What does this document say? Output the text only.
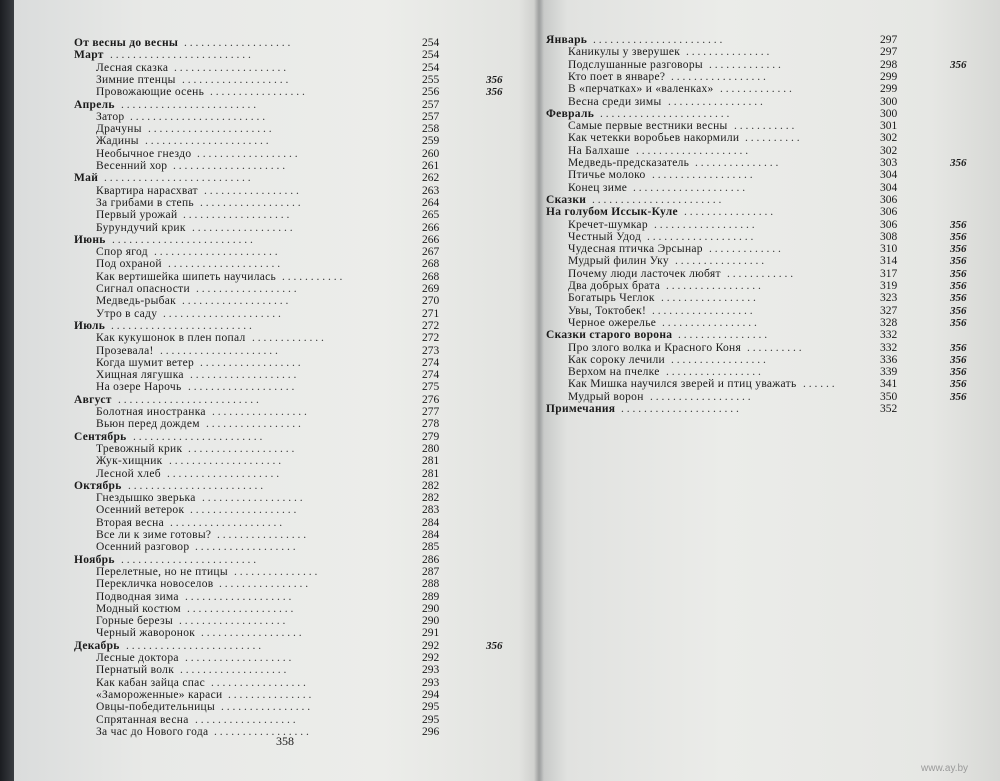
От весны до весны . . . . . . . . . . . . . . . . . . .	254
Март . . . . . . . . . . . . . . . . . . . . . . . . .	254
Лесная сказка . . . . . . . . . . . . . . . . . . . .	254
Зимние птенцы . . . . . . . . . . . . . . . . . . .	255	356
Провожающие осень . . . . . . . . . . . . . . . . .	256	356
Апрель . . . . . . . . . . . . . . . . . . . . . . . .	257
Затор . . . . . . . . . . . . . . . . . . . . . . . .	257
Драчуны . . . . . . . . . . . . . . . . . . . . . .	258
Жадины . . . . . . . . . . . . . . . . . . . . . .	259
Необычное гнездо . . . . . . . . . . . . . . . . . .	260
Весенний хор . . . . . . . . . . . . . . . . . . . .	261
Май . . . . . . . . . . . . . . . . . . . . . . . . . .	262
Квартира нарасхват . . . . . . . . . . . . . . . . .	263
За грибами в степь . . . . . . . . . . . . . . . . . .	264
Первый урожай . . . . . . . . . . . . . . . . . . .	265
Бурундучий крик . . . . . . . . . . . . . . . . . .	266
Июнь . . . . . . . . . . . . . . . . . . . . . . . . .	266
Спор ягод . . . . . . . . . . . . . . . . . . . . . .	267
Под охраной . . . . . . . . . . . . . . . . . . . .	268
Как вертишейка шипеть научилась . . . . . . . . . . .	268
Сигнал опасности . . . . . . . . . . . . . . . . . .	269
Медведь-рыбак . . . . . . . . . . . . . . . . . . .	270
Утро в саду . . . . . . . . . . . . . . . . . . . . .	271
Июль . . . . . . . . . . . . . . . . . . . . . . . . .	272
Как кукушонок в плен попал . . . . . . . . . . . . .	272
Прозевала! . . . . . . . . . . . . . . . . . . . . .	273
Когда шумит ветер . . . . . . . . . . . . . . . . . .	274
Хищная лягушка . . . . . . . . . . . . . . . . . . .	274
На озере Нарочь . . . . . . . . . . . . . . . . . . .	275
Август . . . . . . . . . . . . . . . . . . . . . . . . .	276
Болотная иностранка . . . . . . . . . . . . . . . . .	277
Вьюн перед дождем . . . . . . . . . . . . . . . . .	278
Сентябрь . . . . . . . . . . . . . . . . . . . . . . .	279
Тревожный крик . . . . . . . . . . . . . . . . . . .	280
Жук-хищник . . . . . . . . . . . . . . . . . . . .	281
Лесной хлеб . . . . . . . . . . . . . . . . . . . .	281
Октябрь . . . . . . . . . . . . . . . . . . . . . . . .	282
Гнездышко зверька . . . . . . . . . . . . . . . . . .	282
Осенний ветерок . . . . . . . . . . . . . . . . . . .	283
Вторая весна . . . . . . . . . . . . . . . . . . . .	284
Все ли к зиме готовы? . . . . . . . . . . . . . . . .	284
Осенний разговор . . . . . . . . . . . . . . . . . .	285
Ноябрь . . . . . . . . . . . . . . . . . . . . . . . .	286
Перелетные, но не птицы . . . . . . . . . . . . . . .	287
Перекличка новоселов . . . . . . . . . . . . . . . .	288
Подводная зима . . . . . . . . . . . . . . . . . . .	289
Модный костюм . . . . . . . . . . . . . . . . . . .	290
Горные березы . . . . . . . . . . . . . . . . . . .	290
Черный жаворонок . . . . . . . . . . . . . . . . . .	291
Декабрь . . . . . . . . . . . . . . . . . . . . . . . .	292	356
Лесные доктора . . . . . . . . . . . . . . . . . . .	292
Пернатый волк . . . . . . . . . . . . . . . . . . .	293
Как кабан зайца спас . . . . . . . . . . . . . . . . .	293
«Замороженные» караси . . . . . . . . . . . . . . .	294
Овцы-победительницы . . . . . . . . . . . . . . . .	295
Спрятанная весна . . . . . . . . . . . . . . . . . .	295
За час до Нового года . . . . . . . . . . . . . . . . .	296
358
Январь . . . . . . . . . . . . . . . . . . . . . . .	297
Каникулы у зверушек . . . . . . . . . . . . . . .	297
Подслушанные разговоры . . . . . . . . . . . . .	298	356
Кто поет в январе? . . . . . . . . . . . . . . . . .	299
В «перчатках» и «валенках» . . . . . . . . . . . . .	299
Весна среди зимы . . . . . . . . . . . . . . . . .	300
Февраль . . . . . . . . . . . . . . . . . . . . . . .	300
Самые первые вестники весны . . . . . . . . . . .	301
Как четекки воробьев накормили . . . . . . . . . .	302
На Балхаше . . . . . . . . . . . . . . . . . . . .	302
Медведь-предсказатель . . . . . . . . . . . . . . .	303	356
Птичье молоко . . . . . . . . . . . . . . . . . .	304
Конец зиме . . . . . . . . . . . . . . . . . . . .	304
Сказки . . . . . . . . . . . . . . . . . . . . . . .	306
На голубом Иссык-Куле . . . . . . . . . . . . . . . .	306
Кречет-шумкар . . . . . . . . . . . . . . . . . .	306	356
Честный Удод . . . . . . . . . . . . . . . . . . .	308	356
Чудесная птичка Эрсынар . . . . . . . . . . . . .	310	356
Мудрый филин Уку . . . . . . . . . . . . . . . .	314	356
Почему люди ласточек любят . . . . . . . . . . . .	317	356
Два добрых брата . . . . . . . . . . . . . . . . .	319	356
Богатырь Чеглок . . . . . . . . . . . . . . . . .	323	356
Увы, Токтобек! . . . . . . . . . . . . . . . . . .	327	356
Черное ожерелье . . . . . . . . . . . . . . . . .	328	356
Сказки старого ворона . . . . . . . . . . . . . . . .	332
Про злого волка и Красного Коня . . . . . . . . . .	332	356
Как сороку лечили . . . . . . . . . . . . . . . . .	336	356
Верхом на пчелке . . . . . . . . . . . . . . . . .	339	356
Как Мишка научился зверей и птиц уважать . . . . . .	341	356
Мудрый ворон . . . . . . . . . . . . . . . . . .	350	356
Примечания . . . . . . . . . . . . . . . . . . . . .	352
www.ay.by
